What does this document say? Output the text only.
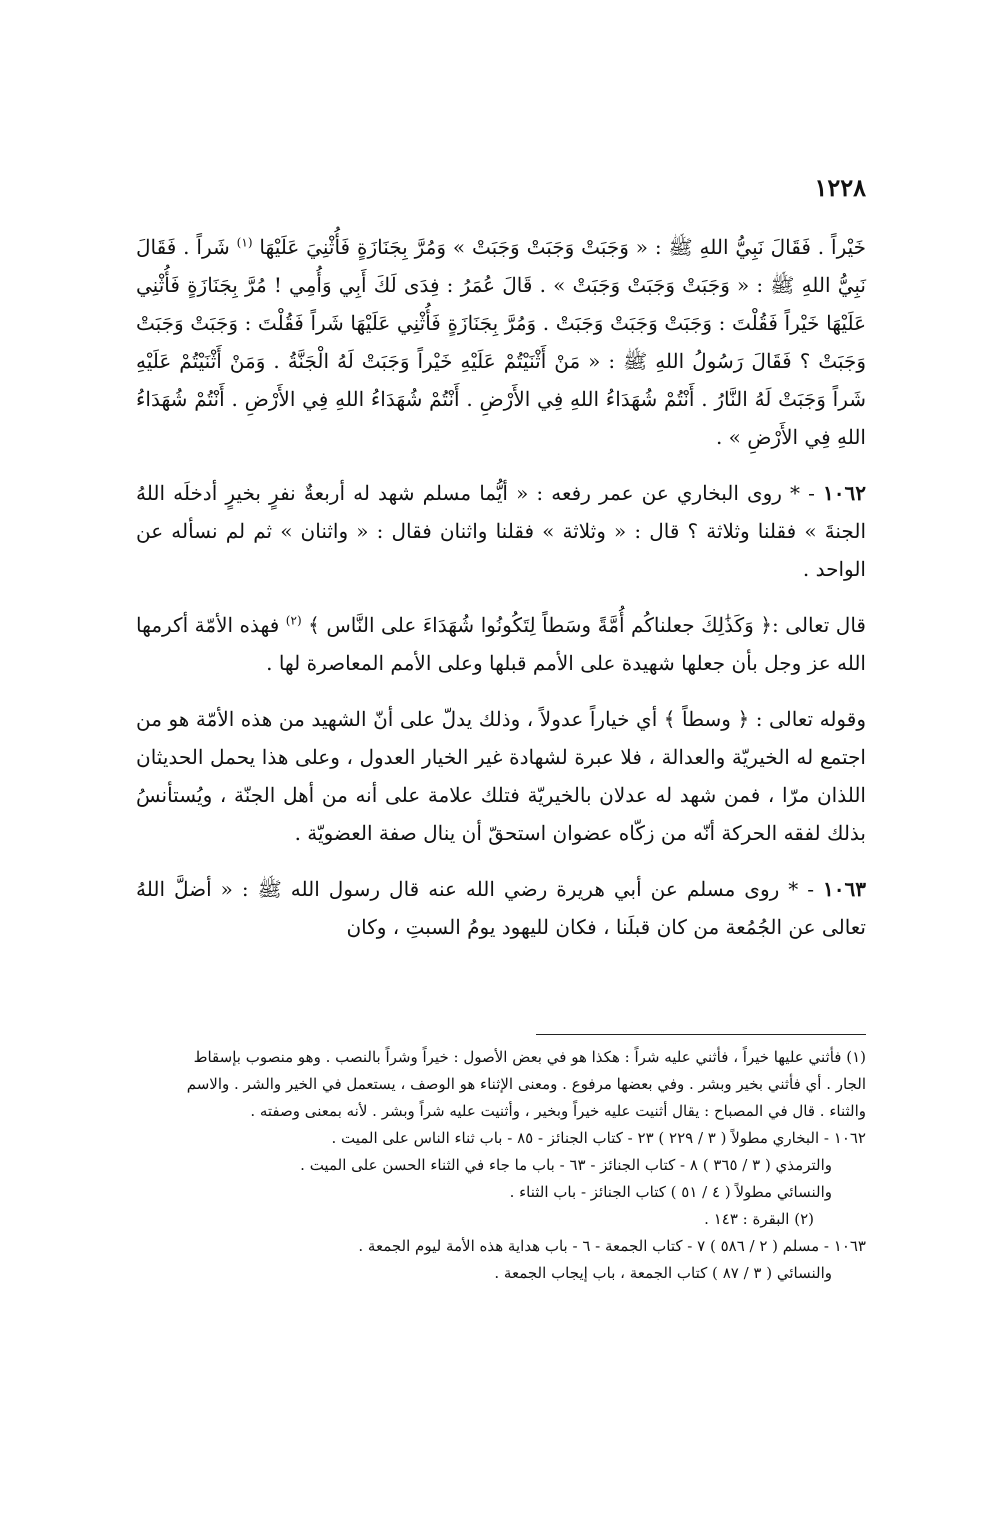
١٢٢٨

خَيْراً . فَقَالَ نَبِيُّ اللهِ ﷺ : « وَجَبَتْ وَجَبَتْ وَجَبَتْ » وَمُرَّ بِجَنَازَةٍ فَأُثْنِيَ عَلَيْهَا $^{(١)}$ شَراً . فَقَالَ نَبِيُّ اللهِ ﷺ : « وَجَبَتْ وَجَبَتْ وَجَبَتْ » . قَالَ عُمَرُ : فِدَى لَكَ أَبِي وَأُمِي ! مُرَّ بِجَنَازَةٍ فَأُثْنِي عَلَيْهَا خَيْراً فَقُلْتَ : وَجَبَتْ وَجَبَتْ وَجَبَتْ . وَمُرَّ بِجَنَازَةٍ فَأُثْنِي عَلَيْهَا شَراً فَقُلْتَ : وَجَبَتْ وَجَبَتْ وَجَبَتْ ؟ فَقَالَ رَسُولُ اللهِ ﷺ : « مَنْ أَثْنَيْتُمْ عَلَيْهِ خَيْراً وَجَبَتْ لَهُ الْجَنَّةُ . وَمَنْ أَثْنَيْتُمْ عَلَيْهِ شَراً وَجَبَتْ لَهُ النَّارُ . أَنْتُمْ شُهَدَاءُ اللهِ فِي الأَرْضِ . أَنْتُمْ شُهَدَاءُ اللهِ فِي الأَرْضِ . أَنْتُمْ شُهَدَاءُ اللهِ فِي الأَرْضِ » .

١٠٦٢ - * روى البخاري عن عمر رفعه : « أيُّما مسلم شهد له أربعةٌ نفرٍ بخيرٍ أدخلَه اللهُ الجنةَ » فقلنا وثلاثة ؟ قال : « وثلاثة » فقلنا واثنان فقال : « واثنان » ثم لم نسأله عن الواحد .

قال تعالى :﴿ وَكَذَٰلِكَ جعلناكُم أُمَّةً وسَطاً لِتَكُونُوا شُهَدَاءَ على النَّاس ﴾ $^{(٢)}$ فهذه الأمّة أكرمها الله عز وجل بأن جعلها شهيدة على الأمم قبلها وعلى الأمم المعاصرة لها .

وقوله تعالى : ﴿ وسطاً ﴾ أي خياراً عدولاً ، وذلك يدلّ على أنّ الشهيد من هذه الأمّة هو من اجتمع له الخيريّة والعدالة ، فلا عبرة لشهادة غير الخيار العدول ، وعلى هذا يحمل الحديثان اللذان مرّا ، فمن شهد له عدلان بالخيريّة فتلك علامة على أنه من أهل الجنّة ، ويُستأنسُ بذلك لفقه الحركة أنّه من زكّاه عضوان استحقّ أن ينال صفة العضويّة .

١٠٦٣ - * روى مسلم عن أبي هريرة رضي الله عنه قال رسول الله ﷺ : « أضلَّ اللهُ تعالى عن الجُمُعة من كان قبلَنا ، فكان لليهود يومُ السبتِ ، وكان

(١) فأثني عليها خيراً ، فأثني عليه شراً : هكذا هو في بعض الأصول : خيراً وشراً بالنصب . وهو منصوب بإسقاط
الجار . أي فأثني بخير وبشر . وفي بعضها مرفوع . ومعنى الإثناء هو الوصف ، يستعمل في الخير والشر . والاسم
والثناء . قال في المصباح : يقال أثنيت عليه خيراً وبخير ، وأثنيت عليه شراً وبشر . لأنه بمعنى وصفته .
١٠٦٢ - البخاري مطولاً ( ٣ / ٢٢٩ ) ٢٣ - كتاب الجنائز - ٨٥ - باب ثناء الناس على الميت .
والترمذي ( ٣ / ٣٦٥ ) ٨ - كتاب الجنائز - ٦٣ - باب ما جاء في الثناء الحسن على الميت .
والنسائي مطولاً ( ٤ / ٥١ ) كتاب الجنائز - باب الثناء .
(٢) البقرة : ١٤٣ .
١٠٦٣ - مسلم ( ٢ / ٥٨٦ ) ٧ - كتاب الجمعة - ٦ - باب هداية هذه الأمة ليوم الجمعة .
والنسائي ( ٣ / ٨٧ ) كتاب الجمعة ، باب إيجاب الجمعة .
